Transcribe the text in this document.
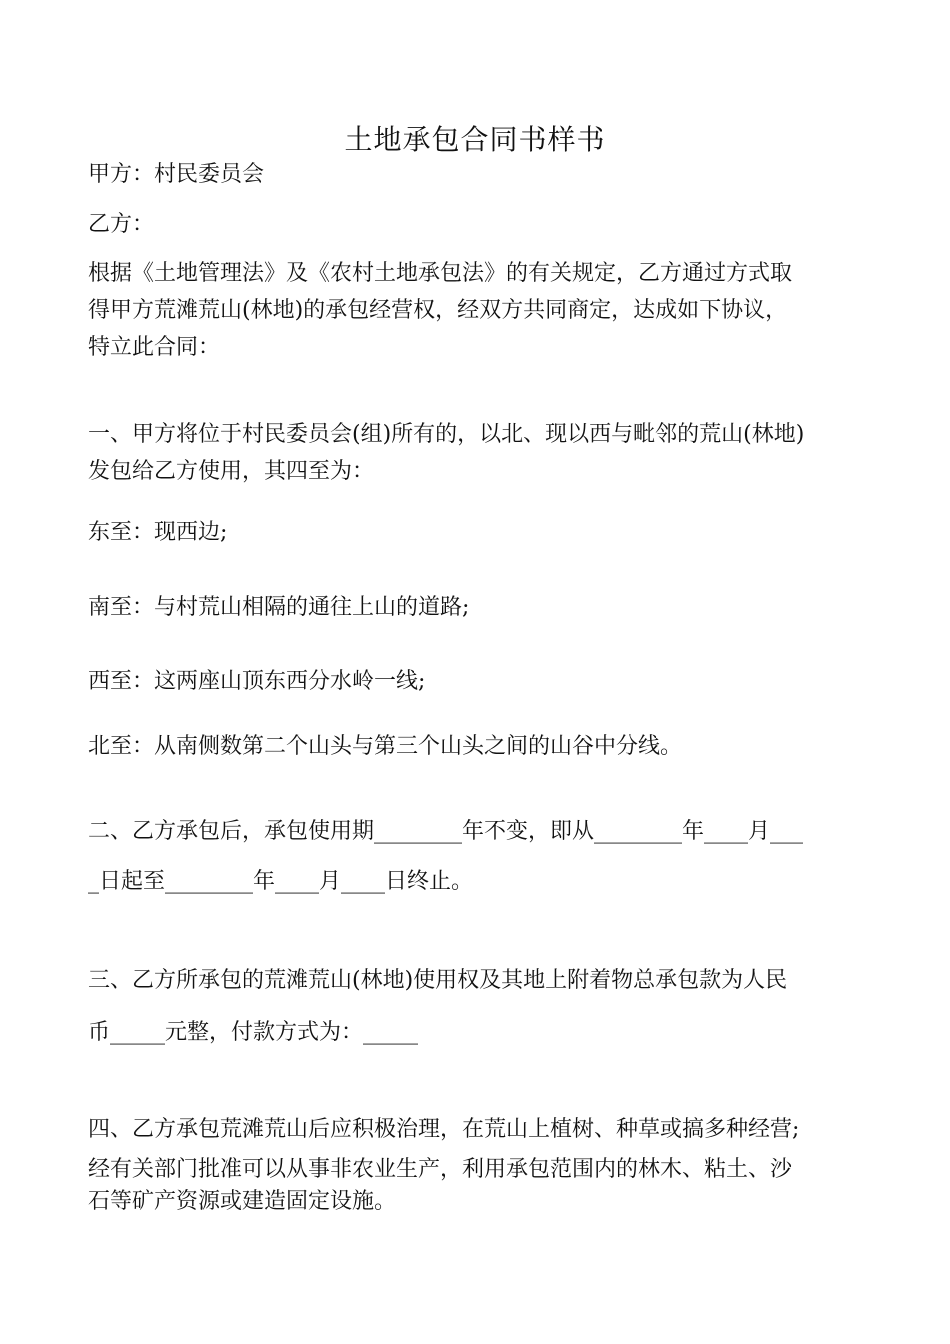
土地承包合同书样书

甲方：村民委员会

乙方：

根据《土地管理法》及《农村土地承包法》的有关规定，乙方通过方式取

得甲方荒滩荒山(林地)的承包经营权，经双方共同商定，达成如下协议，

特立此合同：

一、甲方将位于村民委员会(组)所有的，以北、现以西与毗邻的荒山(林地)

发包给乙方使用，其四至为：

东至：现西边;

南至：与村荒山相隔的通往上山的道路;

西至：这两座山顶东西分水岭一线;

北至：从南侧数第二个山头与第三个山头之间的山谷中分线。

二、乙方承包后，承包使用期________年不变，即从________年____月___

_日起至________年____月____日终止。

三、乙方所承包的荒滩荒山(林地)使用权及其地上附着物总承包款为人民

币_____元整，付款方式为：_____

四、乙方承包荒滩荒山后应积极治理，在荒山上植树、种草或搞多种经营;

经有关部门批准可以从事非农业生产，利用承包范围内的林木、粘土、沙

石等矿产资源或建造固定设施。
